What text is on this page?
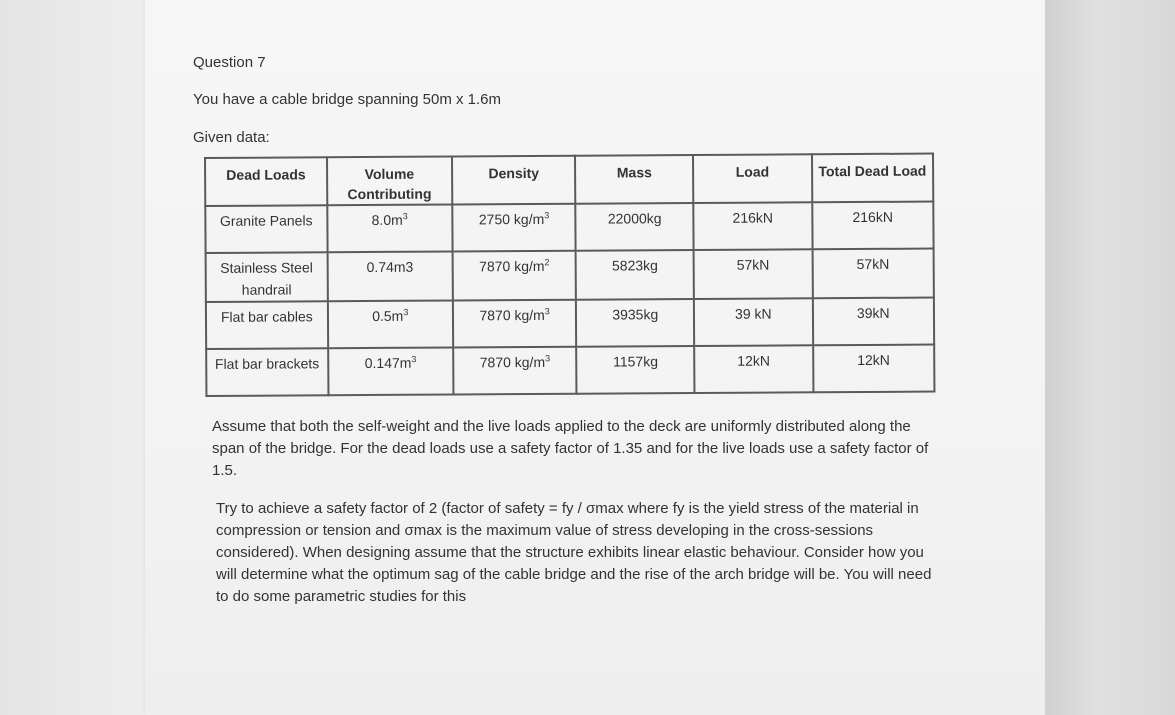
Question 7
You have a cable bridge spanning 50m x 1.6m
Given data:
Dead Loads	Volume Contributing	Density	Mass	Load	Total Dead Load
Granite Panels	$8.0m^3$	2750 $kg/m^3$	22000kg	216kN	216kN
Stainless Steel handrail	0.74m3	7870 $kg/m^2$	5823kg	57kN	57kN
Flat bar cables	$0.5m^3$	7870 $kg/m^3$	3935kg	39 kN	39kN
Flat bar brackets	$0.147m^3$	7870 $kg/m^3$	1157kg	12kN	12kN
Assume that both the self-weight and the live loads applied to the deck are uniformly distributed along the span of the bridge. For the dead loads use a safety factor of 1.35 and for the live loads use a safety factor of 1.5.
Try to achieve a safety factor of 2 (factor of safety = fy / σmax where fy is the yield stress of the material in compression or tension and σmax is the maximum value of stress developing in the cross-sessions considered). When designing assume that the structure exhibits linear elastic behaviour. Consider how you will determine what the optimum sag of the cable bridge and the rise of the arch bridge will be. You will need to do some parametric studies for this
